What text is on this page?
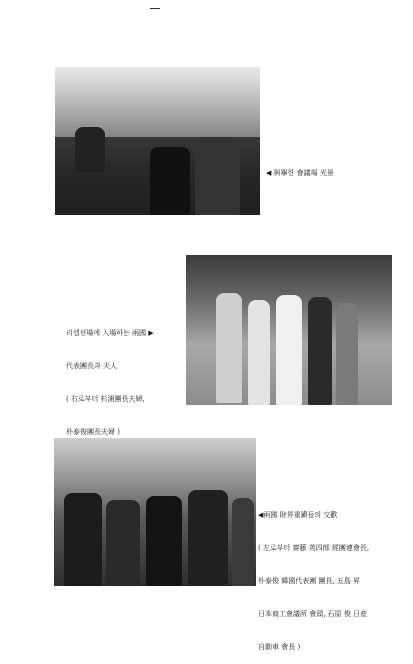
◀ 與擧한 會議場 光景

리셉션場에 入場하는 兩國 ▶

代表團長과 夫人

( 右로부터 杉浦團長夫婦,

朴泰俊團長夫婦 )

◀兩國 財界重鎭들의 交歡

( 左로부터 齋藤 英四郞 經團連會長,

朴泰俊 韓國代表團 團長, 五島 昇

日本商工會議所 會頭, 石原 俊 日産

自動車 會長 )
